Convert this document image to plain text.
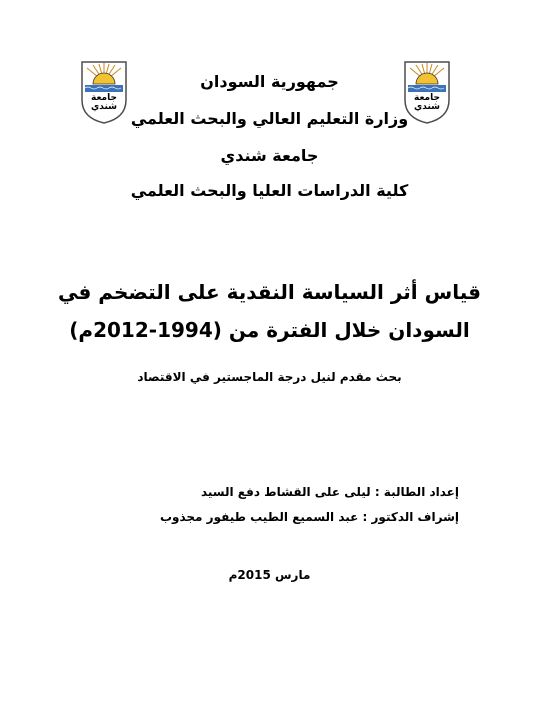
جامعة
شندي
جامعة
شندي
جمهورية السودان
وزارة التعليم العالي والبحث العلمي
جامعة شندي
كلية الدراسات العليا والبحث العلمي
قياس أثر السياسة النقدية على التضخم في
السودان خلال الفترة من (1994-2012م)
بحث مقدم لنيل درجة الماجستير في الاقتصاد
إعداد الطالبة : ليلى على القشاط دفع السيد
إشراف الدكتور : عبد السميع الطيب طيفور مجذوب
مارس 2015م
